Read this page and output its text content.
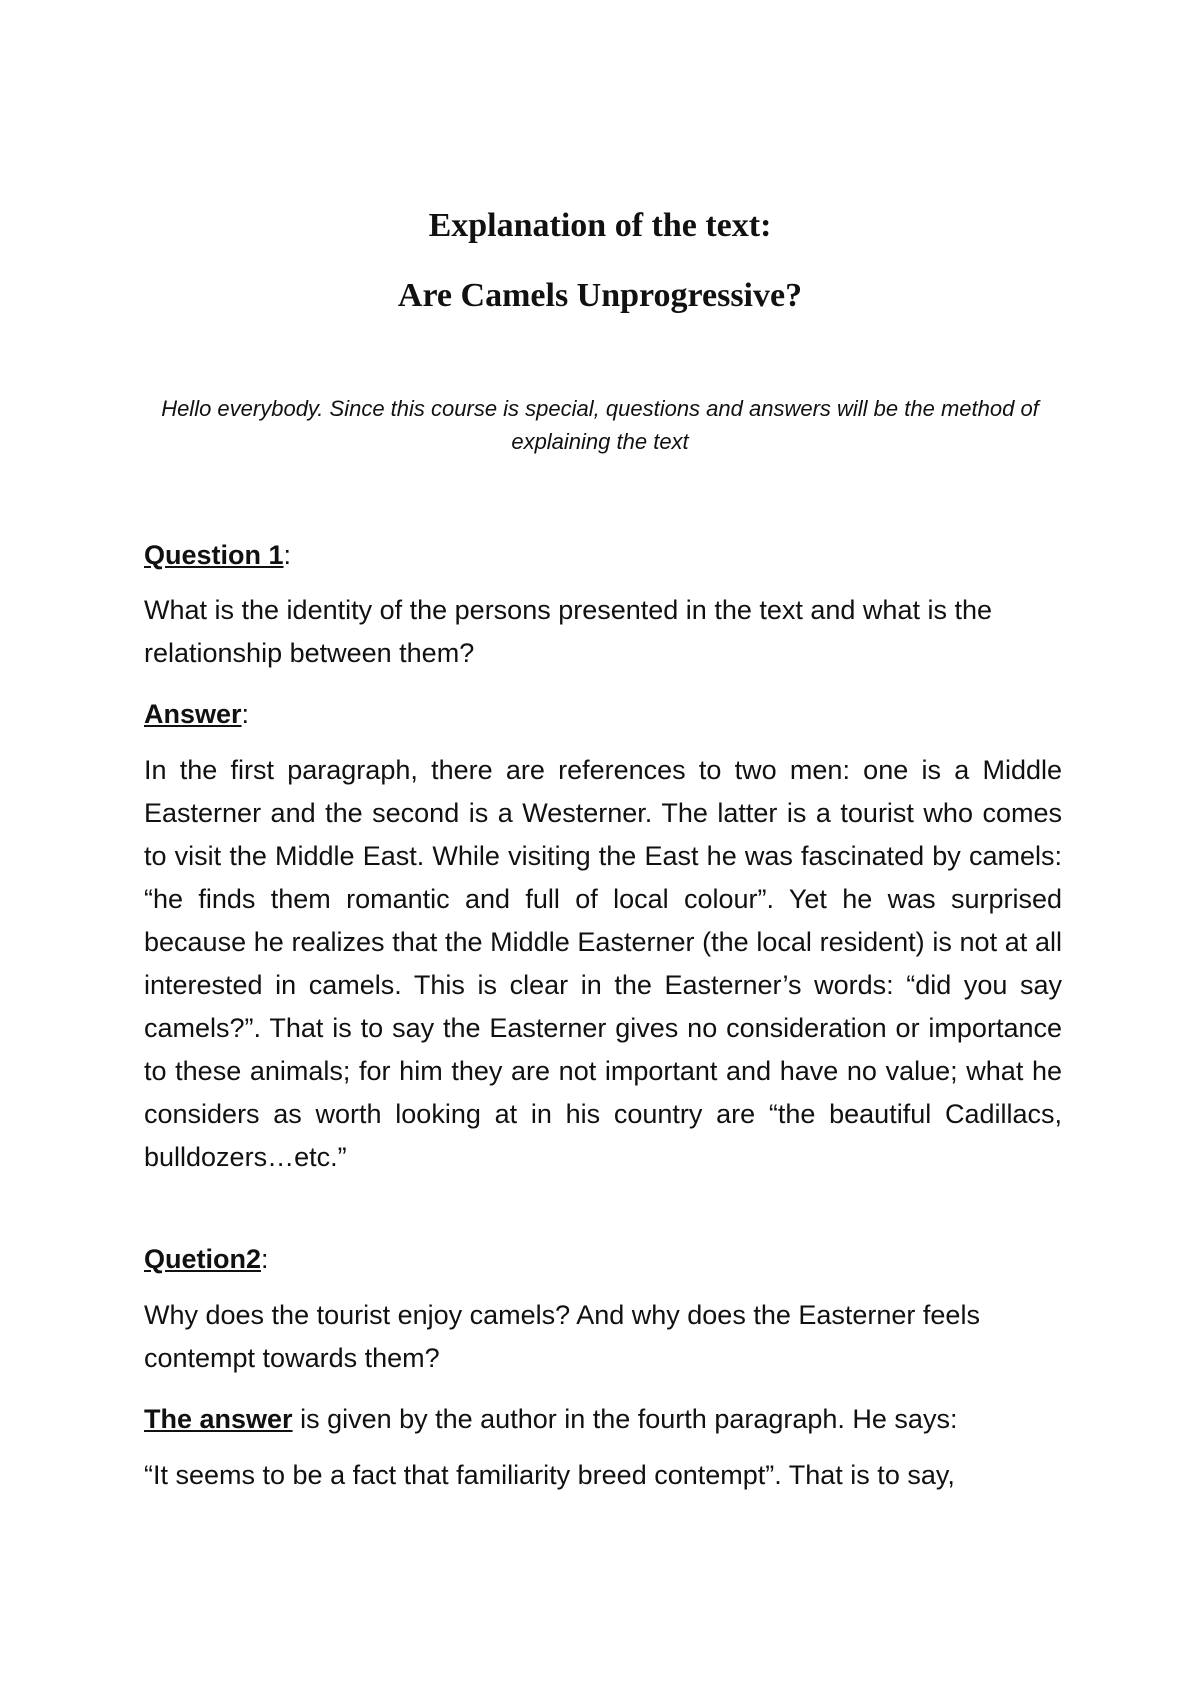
Explanation of the text:
Are Camels Unprogressive?
Hello everybody. Since this course is special, questions and answers will be the method of explaining the text
Question 1:
What is the identity of the persons presented in the text and what is the relationship between them?
Answer:
In the first paragraph, there are references to two men: one is a Middle Easterner and the second is a Westerner. The latter is a tourist who comes to visit the Middle East. While visiting the East he was fascinated by camels: “he finds them romantic and full of local colour”. Yet he was surprised because he realizes that the Middle Easterner (the local resident) is not at all interested in camels. This is clear in the Easterner’s words: “did you say camels?”. That is to say the Easterner gives no consideration or importance to these animals; for him they are not important and have no value; what he considers as worth looking at in his country are “the beautiful Cadillacs, bulldozers…etc.”
Quetion2:
Why does the tourist enjoy camels? And why does the Easterner feels contempt towards them?
The answer is given by the author in the fourth paragraph. He says:
“It seems to be a fact that familiarity breed contempt”. That is to say,
